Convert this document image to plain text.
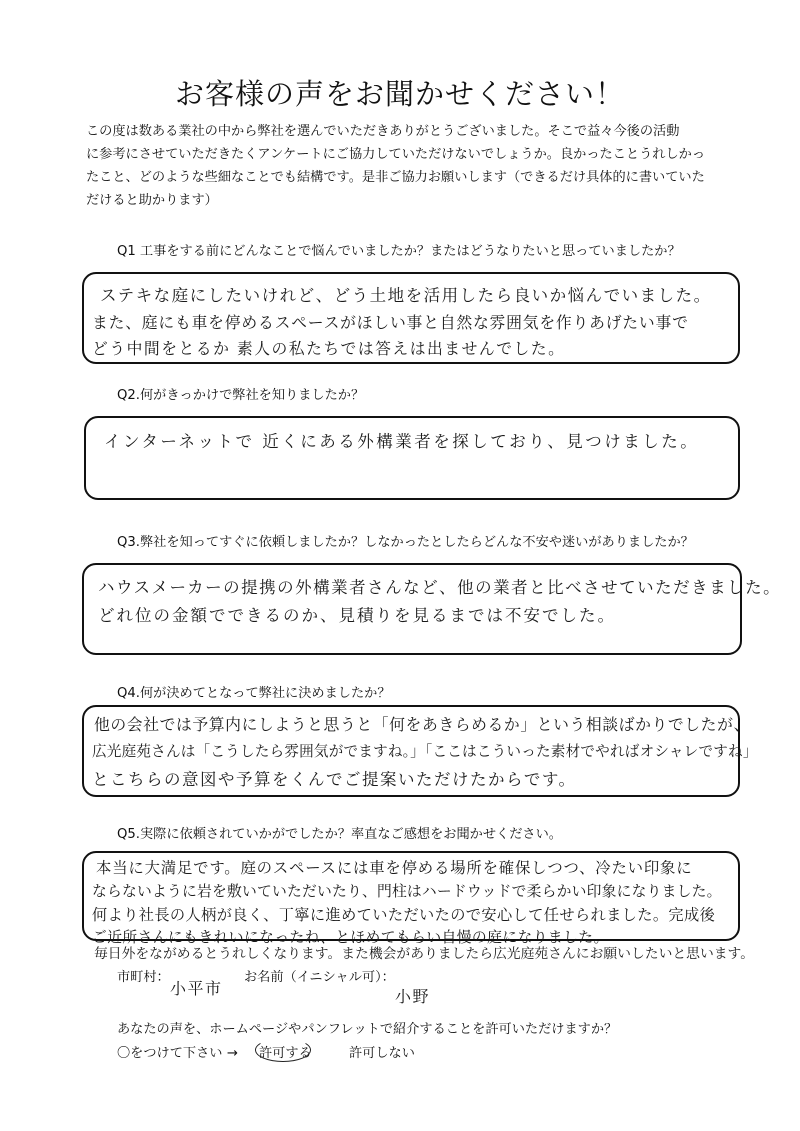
お客様の声をお聞かせください！
この度は数ある業社の中から弊社を選んでいただきありがとうございました。そこで益々今後の活動
に参考にさせていただきたくアンケートにご協力していただけないでしょうか。良かったことうれしかっ
たこと、どのような些細なことでも結構です。是非ご協力お願いします（できるだけ具体的に書いていた
だけると助かります）
Q1 工事をする前にどんなことで悩んでいましたか？またはどうなりたいと思っていましたか？
ステキな庭にしたいけれど、どう土地を活用したら良いか悩んでいました。
また、庭にも車を停めるスペースがほしい事と自然な雰囲気を作りあげたい事で
どう中間をとるか 素人の私たちでは答えは出ませんでした。
Q2.何がきっかけで弊社を知りましたか？
インターネットで 近くにある外構業者を探しており、見つけました。
Q3.弊社を知ってすぐに依頼しましたか？しなかったとしたらどんな不安や迷いがありましたか？
ハウスメーカーの提携の外構業者さんなど、他の業者と比べさせていただきました。
どれ位の金額でできるのか、見積りを見るまでは不安でした。
Q4.何が決めてとなって弊社に決めましたか？
他の会社では予算内にしようと思うと「何をあきらめるか」という相談ばかりでしたが、
広光庭苑さんは「こうしたら雰囲気がでますね。」「ここはこういった素材でやればオシャレですね」
とこちらの意図や予算をくんでご提案いただけたからです。
Q5.実際に依頼されていかがでしたか？率直なご感想をお聞かせください。
本当に大満足です。庭のスペースには車を停める場所を確保しつつ、冷たい印象に
ならないように岩を敷いていただいたり、門柱はハードウッドで柔らかい印象になりました。
何より社長の人柄が良く、丁寧に進めていただいたので安心して任せられました。完成後
ご近所さんにもきれいになったね、とほめてもらい自慢の庭になりました。
毎日外をながめるとうれしくなります。また機会がありましたら広光庭苑さんにお願いしたいと思います。
市町村：
小平市
お名前（イニシャル可）：
小野
あなたの声を、ホームページやパンフレットで紹介することを許可いただけますか？
〇をつけて下さい → 許可する	許可しない
